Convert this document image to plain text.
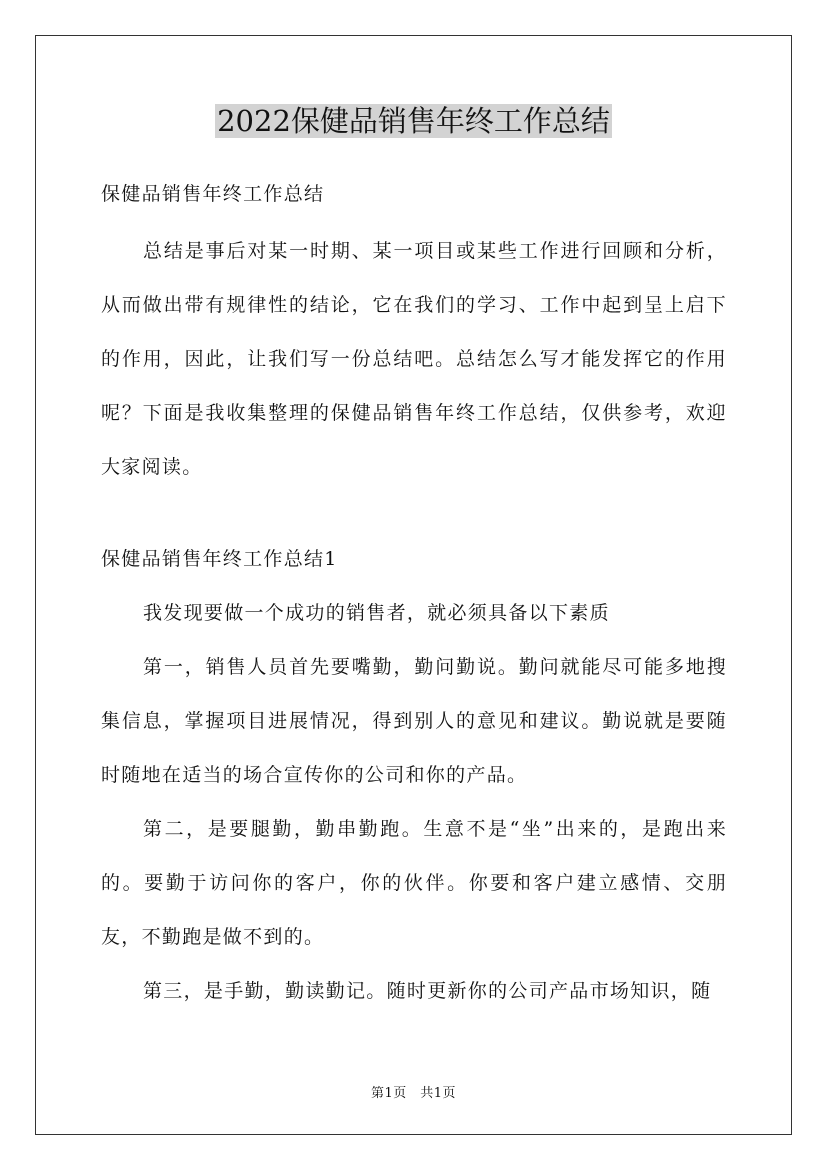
2022保健品销售年终工作总结
保健品销售年终工作总结
总结是事后对某一时期、某一项目或某些工作进行回顾和分析，从而做出带有规律性的结论，它在我们的学习、工作中起到呈上启下的作用，因此，让我们写一份总结吧。总结怎么写才能发挥它的作用呢？下面是我收集整理的保健品销售年终工作总结，仅供参考，欢迎大家阅读。
保健品销售年终工作总结1
我发现要做一个成功的销售者，就必须具备以下素质
第一，销售人员首先要嘴勤，勤问勤说。勤问就能尽可能多地搜集信息，掌握项目进展情况，得到别人的意见和建议。勤说就是要随时随地在适当的场合宣传你的公司和你的产品。
第二，是要腿勤，勤串勤跑。生意不是“坐”出来的，是跑出来的。要勤于访问你的客户，你的伙伴。你要和客户建立感情、交朋友，不勤跑是做不到的。
第三，是手勤，勤读勤记。随时更新你的公司产品市场知识，随
第1页　共1页
